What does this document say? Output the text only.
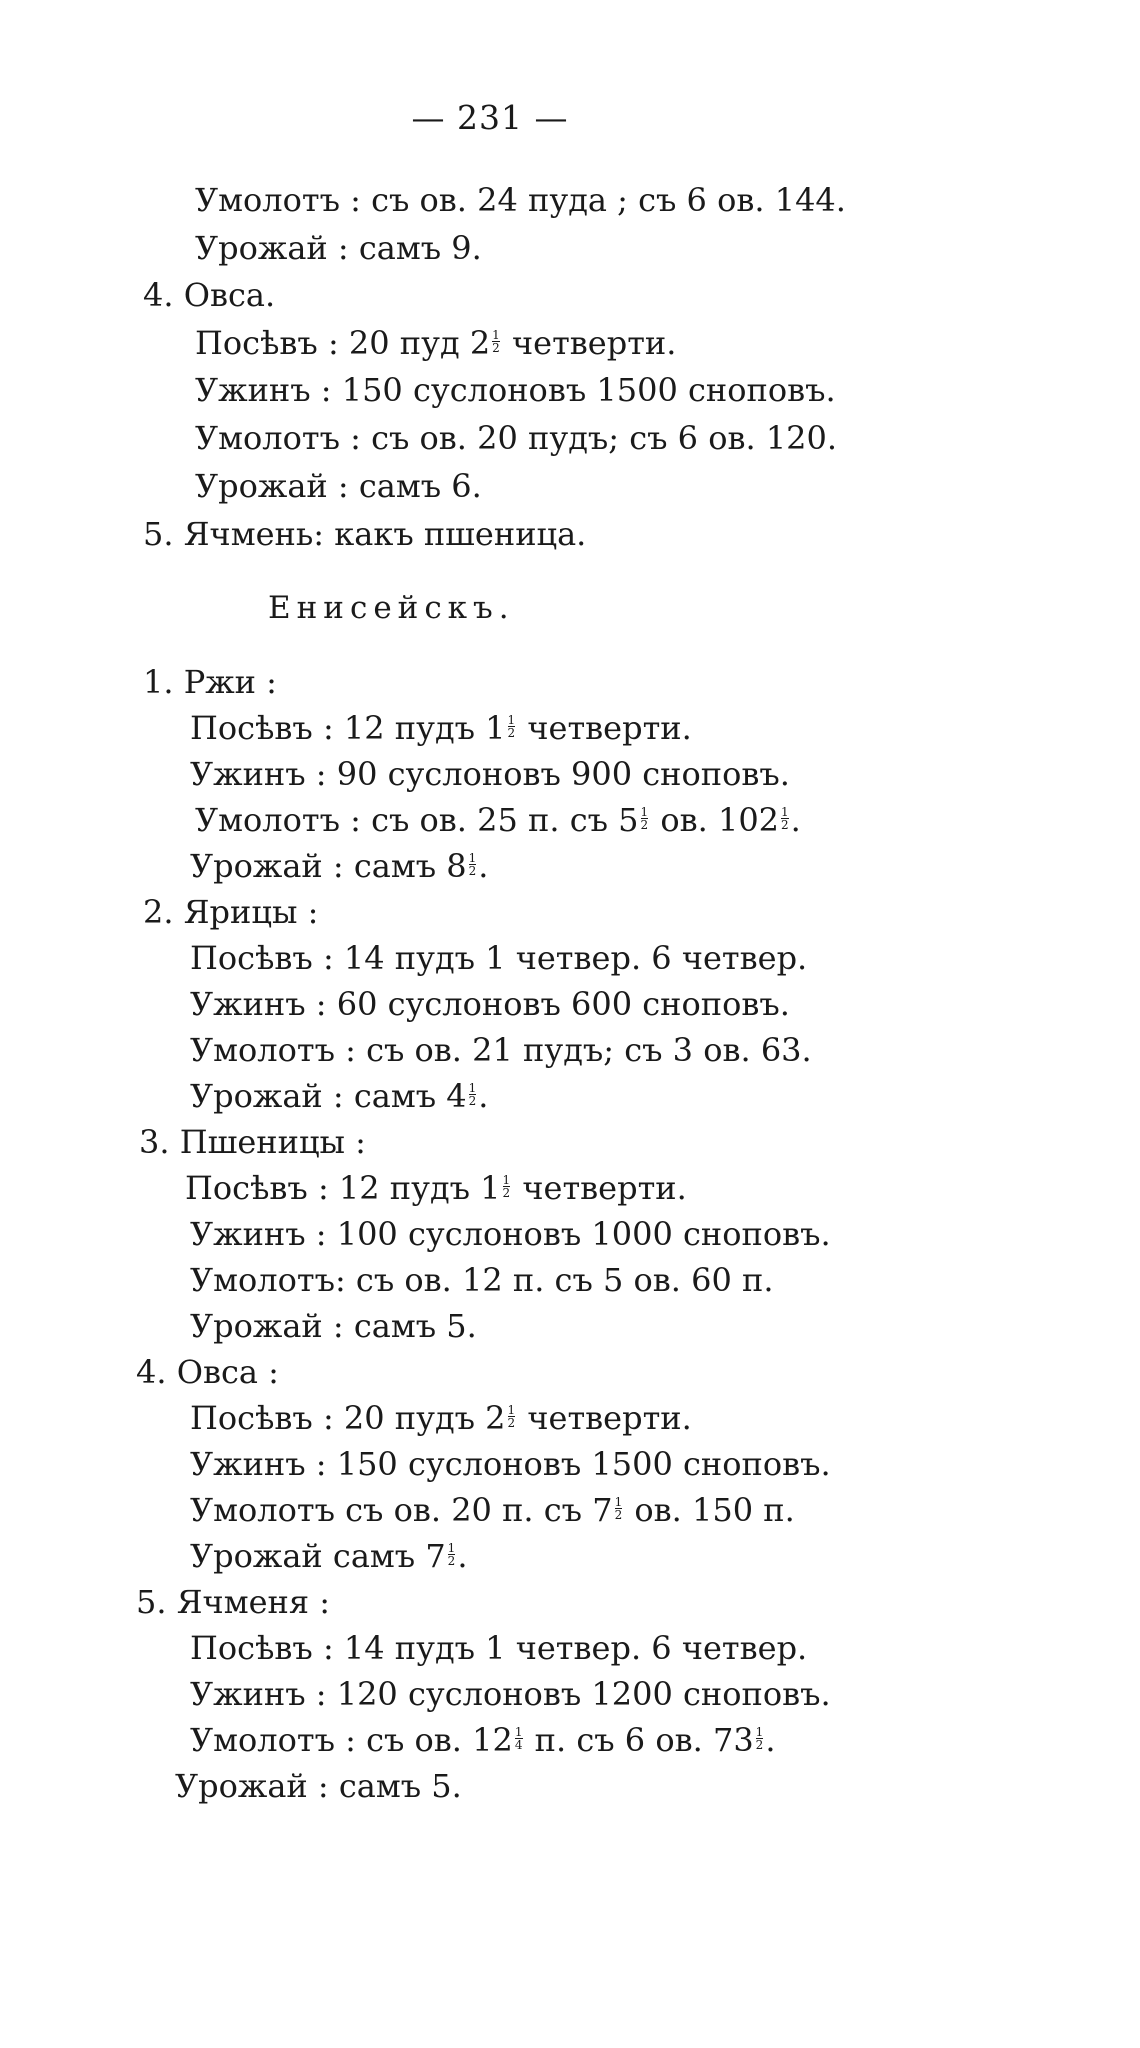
— 231 —
Умолотъ : съ ов. 24 пуда ; съ 6 ов. 144.
Урожай : самъ 9.
4. Овса.
Посѣвъ : 20 пуд $2 \frac{1}{2}$ четверти.
Ужинъ : 150 суслоновъ 1500 сноповъ.
Умолотъ : съ ов. 20 пудъ; съ 6 ов. 120.
Урожай : самъ 6.
5. Ячмень: какъ пшеница.
Енисейскъ.
1. Ржи :
Посѣвъ : 12 пудъ $1 \frac{1}{2}$ четверти.
Ужинъ : 90 суслоновъ 900 сноповъ.
Умолотъ : съ ов. 25 п. съ $5 \frac{1}{2}$ ов. $102 \frac{1}{2}$ .
Урожай : самъ $8 \frac{1}{2}$ .
2. Ярицы :
Посѣвъ : 14 пудъ 1 четвер. 6 четвер.
Ужинъ : 60 суслоновъ 600 сноповъ.
Умолотъ : съ ов. 21 пудъ; съ 3 ов. 63.
Урожай : самъ $4 \frac{1}{2}$ .
3. Пшеницы :
Посѣвъ : 12 пудъ $1 \frac{1}{2}$ четверти.
Ужинъ : 100 суслоновъ 1000 сноповъ.
Умолотъ: съ ов. 12 п. съ 5 ов. 60 п.
Урожай : самъ 5.
4. Овса :
Посѣвъ : 20 пудъ $2 \frac{1}{2}$ четверти.
Ужинъ : 150 суслоновъ 1500 сноповъ.
Умолотъ съ ов. 20 п. съ $7 \frac{1}{2}$ ов. 150 п.
Урожай самъ $7 \frac{1}{2}$ .
5. Ячменя :
Посѣвъ : 14 пудъ 1 четвер. 6 четвер.
Ужинъ : 120 суслоновъ 1200 сноповъ.
Умолотъ : съ ов. $12 \frac{1}{4} п$. съ 6 ов. $73 \frac{1}{2}$ .
Урожай : самъ 5.
